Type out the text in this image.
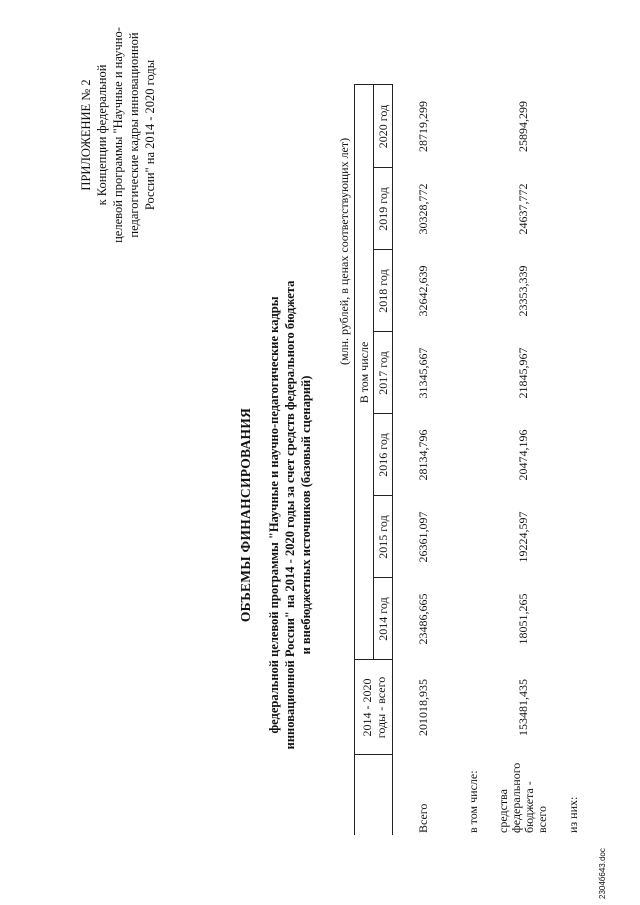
ПРИЛОЖЕНИЕ № 2 к Концепции федеральной целевой программы "Научные и научно- педагогические кадры инновационной России" на 2014 - 2020 годы
ОБЪЕМЫ ФИНАНСИРОВАНИЯ федеральной целевой программы "Научные и научно-педагогические кадры инновационной России" на 2014 - 2020 годы за счет средств федерального бюджета и внебюджетных источников (базовый сценарий)
(млн. рублей, в ценах соответствующих лет)
	2014 - 2020
годы - всего	В том числе						
		2014 год	2015 год	2016 год	2017 год	2018 год	2019 год	2020 год
Всего	201018,935	23486,665	26361,097	28134,796	31345,667	32642,639	30328,772	28719,299
в том числе:								
средства
федерального
бюджета - всего	153481,435	18051,265	19224,597	20474,196	21845,967	23353,339	24637,772	25894,299
из них:								
2304б643.doc
